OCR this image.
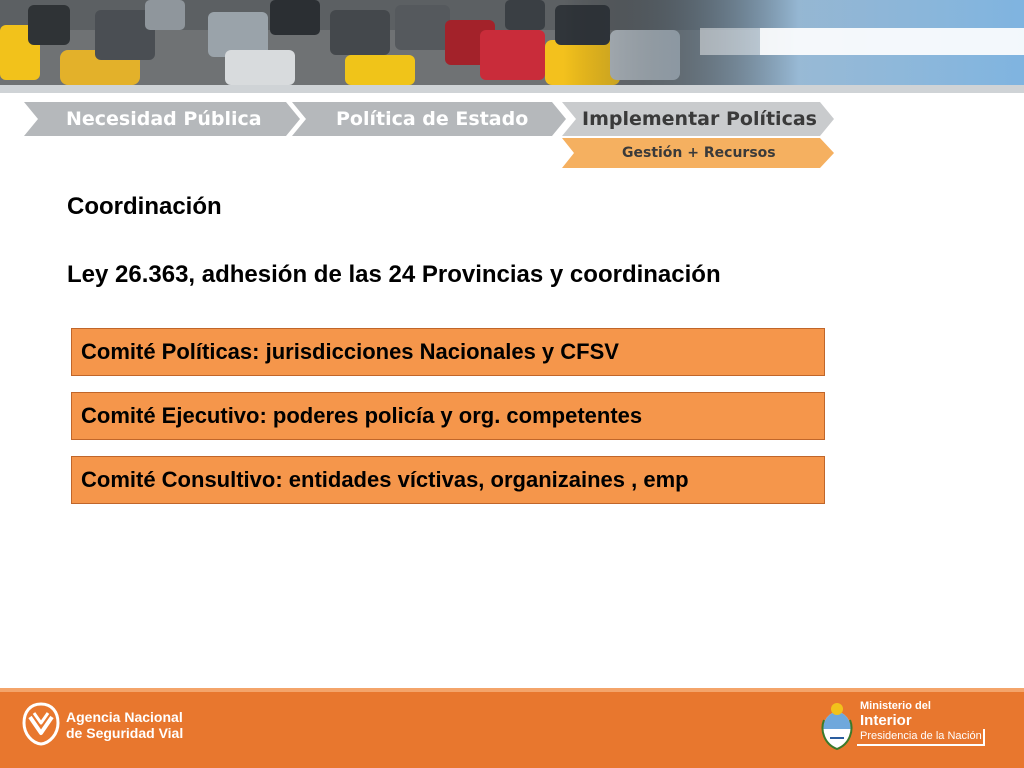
Necesidad Pública	Política de Estado	Implementar Políticas
Gestión + Recursos
Coordinación
Ley 26.363, adhesión de las 24 Provincias y coordinación
Comité Políticas: jurisdicciones Nacionales y CFSV
Comité Ejecutivo: poderes policía y org. competentes
Comité Consultivo: entidades víctivas, organizaines , emp
Agencia Nacional
de Seguridad Vial
Ministerio del
Interior
Presidencia de la Nación
